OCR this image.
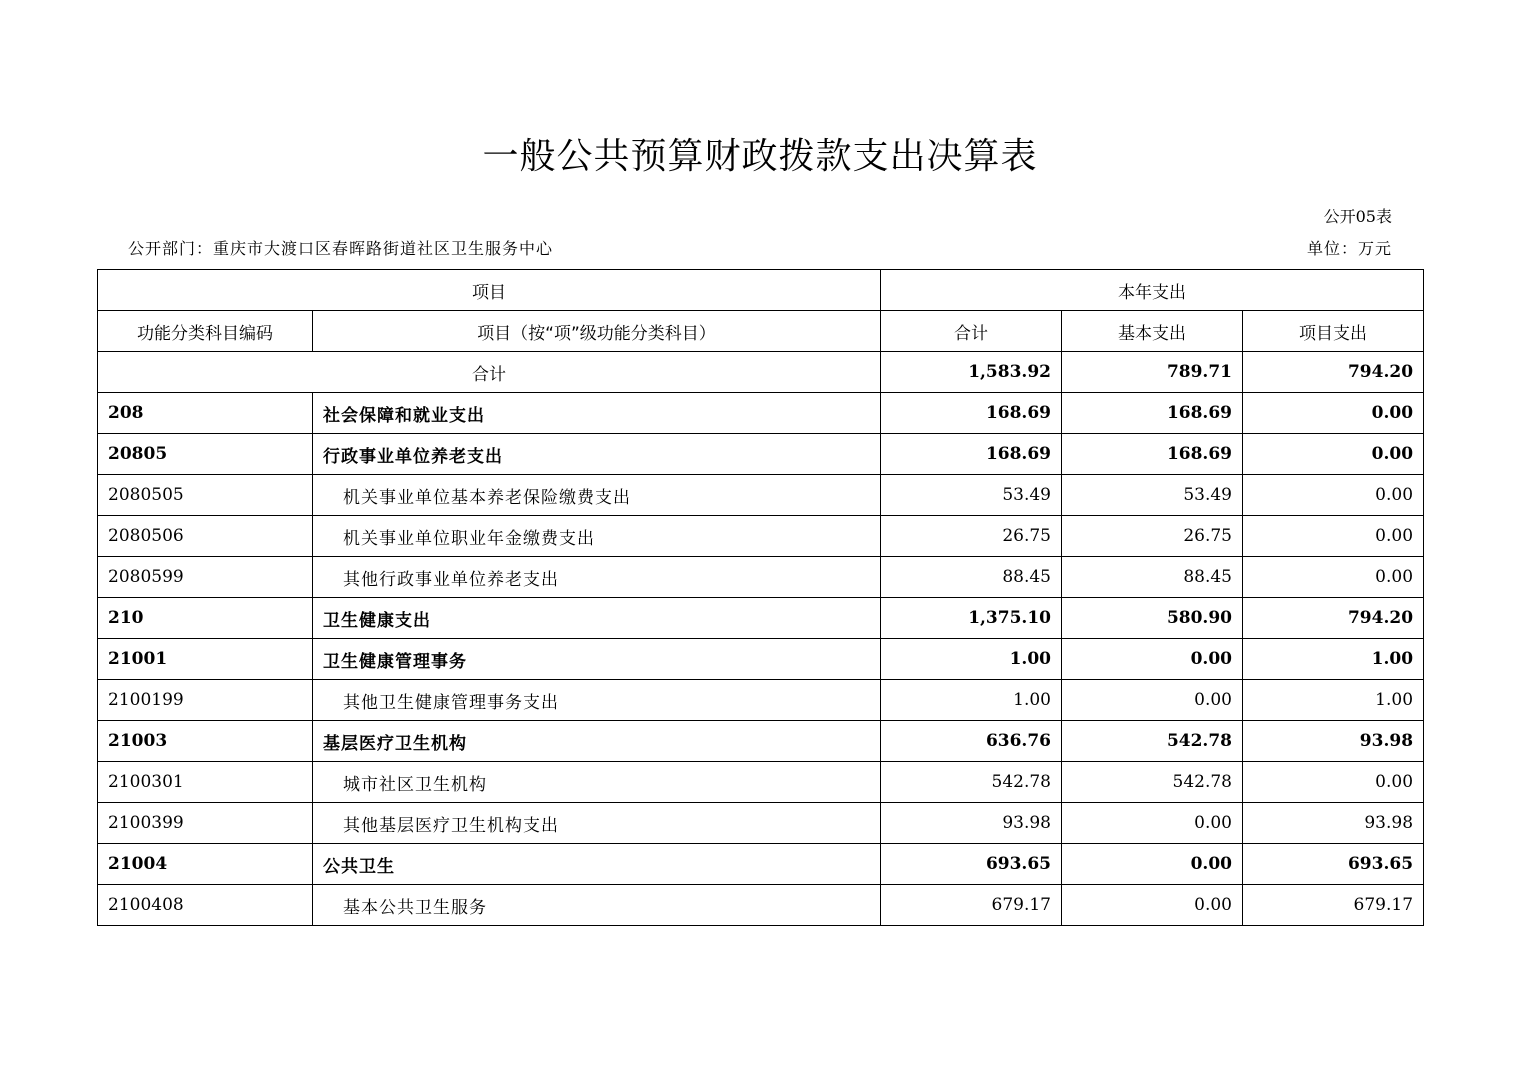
一般公共预算财政拨款支出决算表
公开05表
公开部门：重庆市大渡口区春晖路街道社区卫生服务中心	单位：万元
项目		本年支出		
功能分类科目编码	项目（按“项”级功能分类科目）	合计	基本支出	项目支出
合计		1,583.92	789.71	794.20
208	社会保障和就业支出	168.69	168.69	0.00
20805	行政事业单位养老支出	168.69	168.69	0.00
2080505	机关事业单位基本养老保险缴费支出	53.49	53.49	0.00
2080506	机关事业单位职业年金缴费支出	26.75	26.75	0.00
2080599	其他行政事业单位养老支出	88.45	88.45	0.00
210	卫生健康支出	1,375.10	580.90	794.20
21001	卫生健康管理事务	1.00	0.00	1.00
2100199	其他卫生健康管理事务支出	1.00	0.00	1.00
21003	基层医疗卫生机构	636.76	542.78	93.98
2100301	城市社区卫生机构	542.78	542.78	0.00
2100399	其他基层医疗卫生机构支出	93.98	0.00	93.98
21004	公共卫生	693.65	0.00	693.65
2100408	基本公共卫生服务	679.17	0.00	679.17
